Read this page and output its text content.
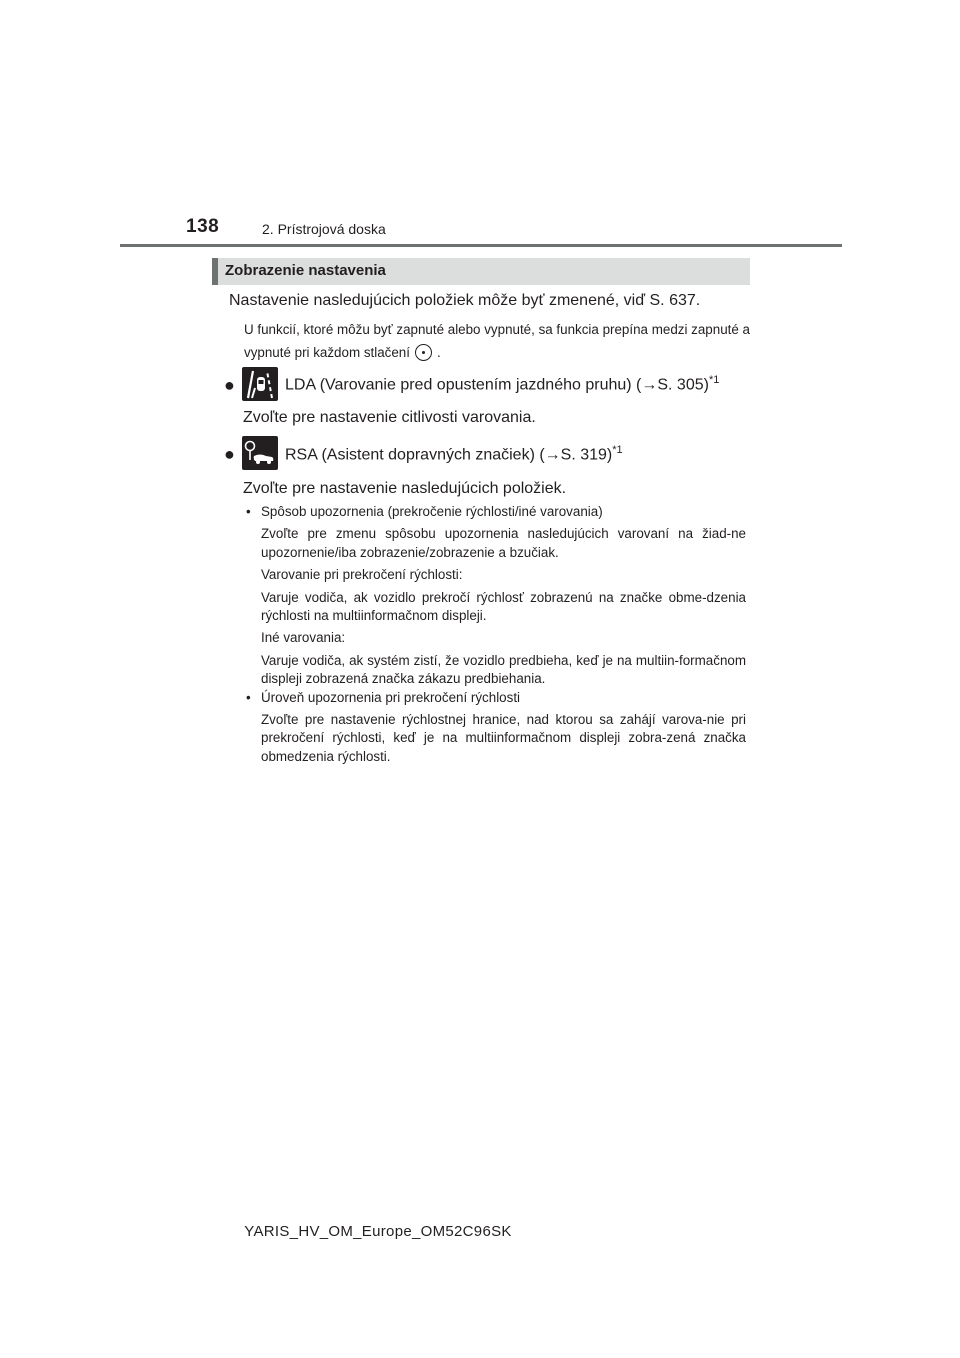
138	2. Prístrojová doska
Zobrazenie nastavenia
Nastavenie nasledujúcich položiek môže byť zmenené, viď S. 637.
U funkcií, ktoré môžu byť zapnuté alebo vypnuté, sa funkcia prepína medzi zapnuté a vypnuté pri každom stlačení .
●	LDA (Varovanie pred opustením jazdného pruhu) (→S. 305)$^{*1}$
Zvoľte pre nastavenie citlivosti varovania.
●	RSA (Asistent dopravných značiek) (→S. 319)$^{*1}$
Zvoľte pre nastavenie nasledujúcich položiek.
• Spôsob upozornenia (prekročenie rýchlosti/iné varovania)

Zvoľte pre zmenu spôsobu upozornenia nasledujúcich varovaní na žiad-ne upozornenie/iba zobrazenie/zobrazenie a bzučiak.

Varovanie pri prekročení rýchlosti:

Varuje vodiča, ak vozidlo prekročí rýchlosť zobrazenú na značke obme-dzenia rýchlosti na multiinformačnom displeji.

Iné varovania:

Varuje vodiča, ak systém zistí, že vozidlo predbieha, keď je na multiin-formačnom displeji zobrazená značka zákazu predbiehania.

• Úroveň upozornenia pri prekročení rýchlosti

Zvoľte pre nastavenie rýchlostnej hranice, nad ktorou sa zahájí varova-nie pri prekročení rýchlosti, keď je na multiinformačnom displeji zobra-zená značka obmedzenia rýchlosti.

YARIS_HV_OM_Europe_OM52C96SK
